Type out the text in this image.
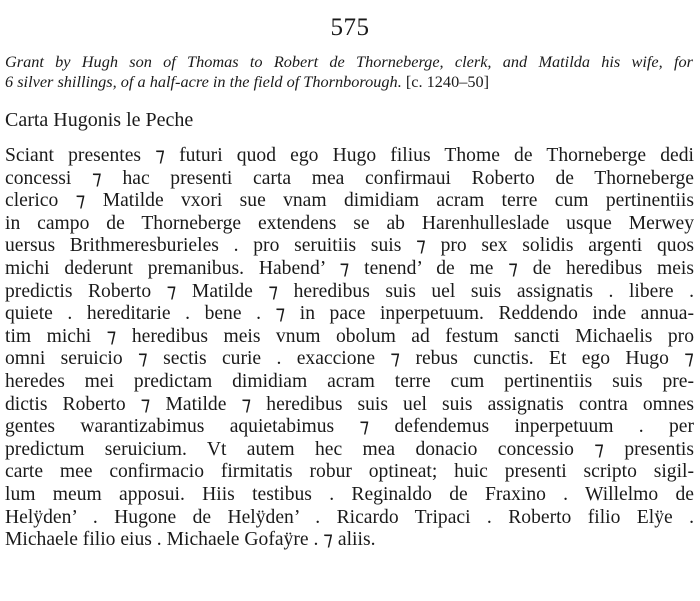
575
Grant by Hugh son of Thomas to Robert de Thorneberge, clerk, and Matilda his wife, for
6 silver shillings, of a half-acre in the field of Thornborough. [c. 1240–50]
Carta Hugonis le Peche
Sciant presentes ⁊ futuri quod ego Hugo filius Thome de Thorneberge dedi
concessi ⁊ hac presenti carta mea confirmaui Roberto de Thorneberge
clerico ⁊ Matilde vxori sue vnam dimidiam acram terre cum pertinentiis
in campo de Thorneberge extendens se ab Harenhulleslade usque Merwey
uersus Brithmeresburieles . pro seruitiis suis ⁊ pro sex solidis argenti quos
michi dederunt premanibus. Habend’ ⁊ tenend’ de me ⁊ de heredibus meis
predictis Roberto ⁊ Matilde ⁊ heredibus suis uel suis assignatis . libere .
quiete . hereditarie . bene . ⁊ in pace inperpetuum. Reddendo inde annua-
tim michi ⁊ heredibus meis vnum obolum ad festum sancti Michaelis pro
omni seruicio ⁊ sectis curie . exaccione ⁊ rebus cunctis. Et ego Hugo ⁊
heredes mei predictam dimidiam acram terre cum pertinentiis suis pre-
dictis Roberto ⁊ Matilde ⁊ heredibus suis uel suis assignatis contra omnes
gentes warantizabimus aquietabimus ⁊ defendemus inperpetuum . per
predictum seruicium. Vt autem hec mea donacio concessio ⁊ presentis
carte mee confirmacio firmitatis robur optineat; huic presenti scripto sigil-
lum meum apposui. Hiis testibus . Reginaldo de Fraxino . Willelmo de
Helÿden’ . Hugone de Helÿden’ . Ricardo Tripaci . Roberto filio Elÿe .
Michaele filio eius . Michaele Gofaÿre . ⁊ aliis.
